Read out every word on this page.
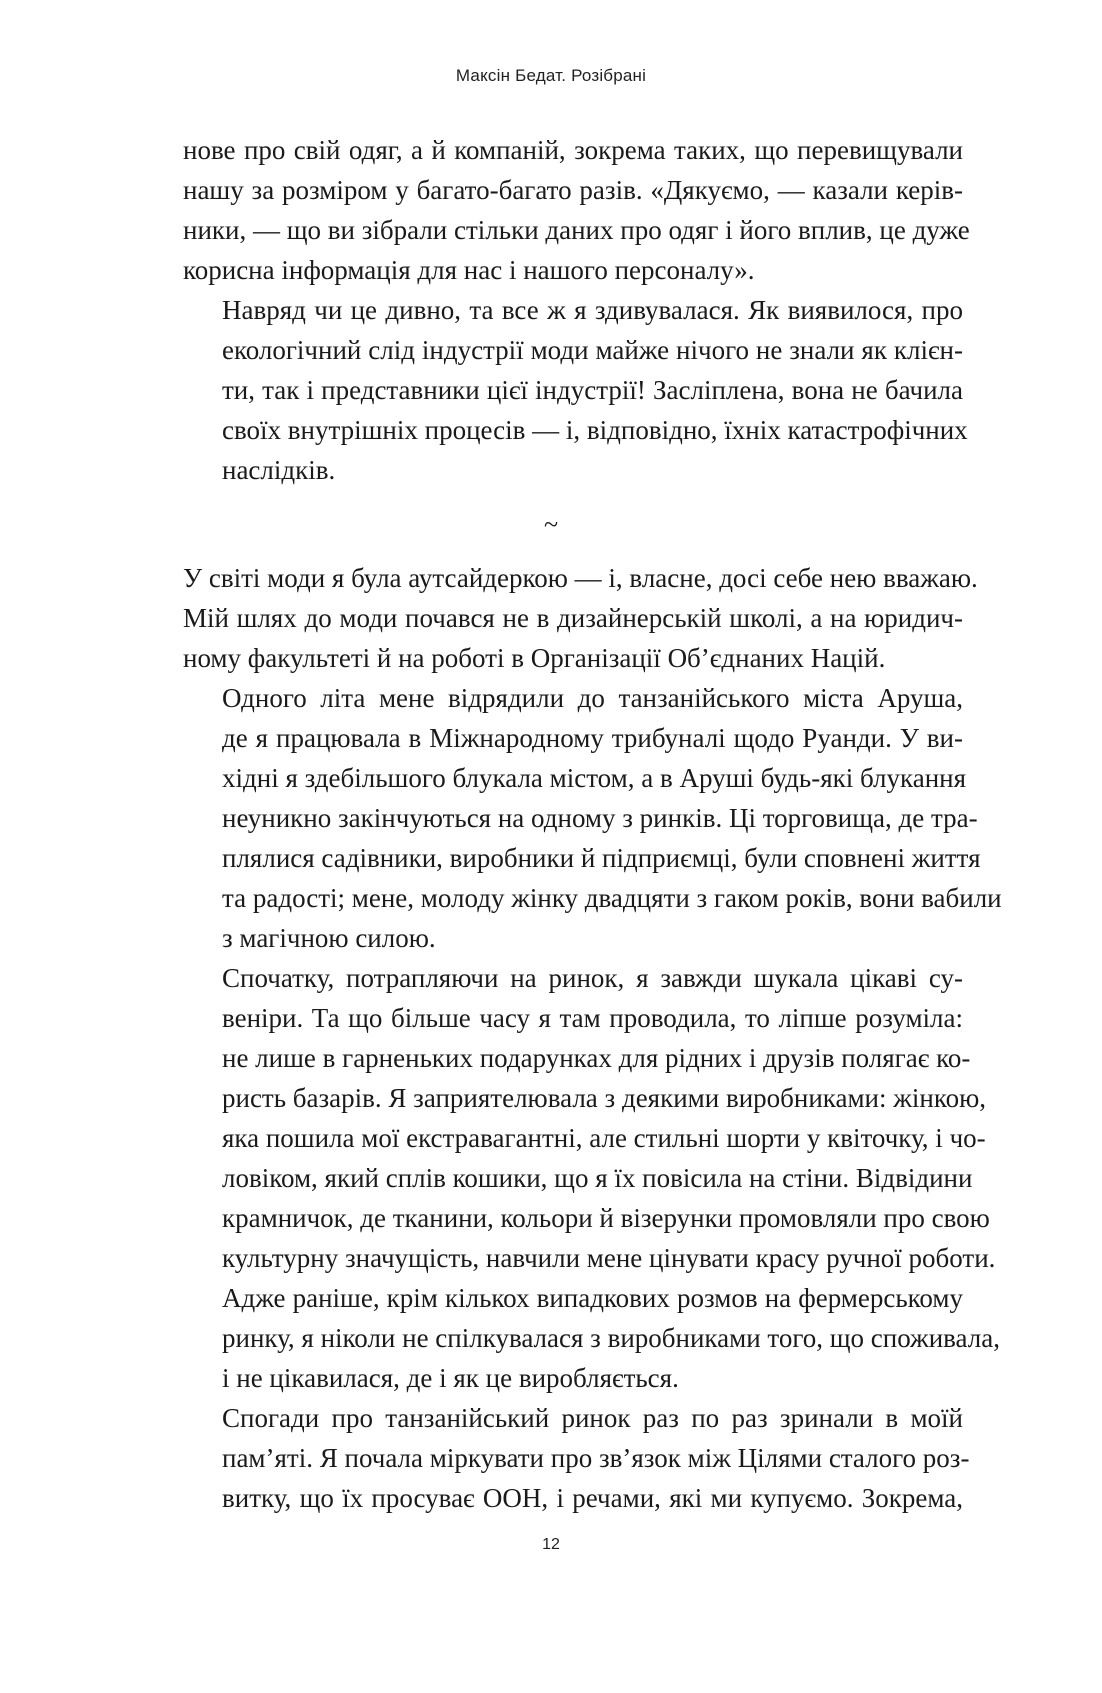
Максін Бедат. Розібрані

нове про свій одяг, а й компаній, зокрема таких, що перевищували
нашу за розміром у багато-багато разів. «Дякуємо, — казали керів-
ники, — що ви зібрали стільки даних про одяг і його вплив, це дуже
корисна інформація для нас і нашого персоналу».

Навряд чи це дивно, та все ж я здивувалася. Як виявилося, про
екологічний слід індустрії моди майже нічого не знали як клієн-
ти, так і представники цієї індустрії! Засліплена, вона не бачила
своїх внутрішніх процесів — і, відповідно, їхніх катастрофічних
наслідків.

~

У світі моди я була аутсайдеркою — і, власне, досі себе нею вважаю.
Мій шлях до моди почався не в дизайнерській школі, а на юридич-
ному факультеті й на роботі в Організації Об’єднаних Націй.

Одного літа мене відрядили до танзанійського міста Аруша,
де я працювала в Міжнародному трибуналі щодо Руанди. У ви-
хідні я здебільшого блукала містом, а в Аруші будь-які блукання
неуникно закінчуються на одному з ринків. Ці торговища, де тра-
плялися садівники, виробники й підприємці, були сповнені життя
та радості; мене, молоду жінку двадцяти з гаком років, вони вабили
з магічною силою.

Спочатку, потрапляючи на ринок, я завжди шукала цікаві су-
веніри. Та що більше часу я там проводила, то ліпше розуміла:
не лише в гарненьких подарунках для рідних і друзів полягає ко-
ристь базарів. Я заприятелювала з деякими виробниками: жінкою,
яка пошила мої екстравагантні, але стильні шорти у квіточку, і чо-
ловіком, який сплів кошики, що я їх повісила на стіни. Відвідини
крамничок, де тканини, кольори й візерунки промовляли про свою
культурну значущість, навчили мене цінувати красу ручної роботи.
Адже раніше, крім кількох випадкових розмов на фермерському
ринку, я ніколи не спілкувалася з виробниками того, що споживала,
і не цікавилася, де і як це виробляється.

Спогади про танзанійський ринок раз по раз зринали в моїй
пам’яті. Я почала міркувати про зв’язок між Цілями сталого роз-
витку, що їх просуває ООН, і речами, які ми купуємо. Зокрема,

12
